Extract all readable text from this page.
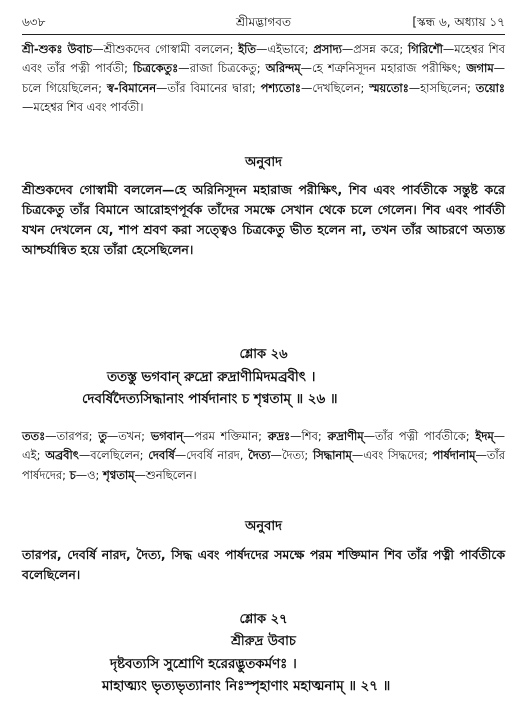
৬৩৮	শ্রীমদ্ভাগবত	[স্কন্ধ ৬, অধ্যায় ১৭
শ্রী-শুকঃ উবাচ—শ্রীশুকদেব গোস্বামী বললেন; ইতি—এইভাবে; প্রসাদ্য—প্রসন্ন করে; গিরিশৌ—মহেশ্বর শিব এবং তাঁর পত্নী পার্বতী; চিত্রকেতুঃ—রাজা চিত্রকেতু; অরিন্দম্—হে শত্রুনিসূদন মহারাজ পরীক্ষিৎ; জগাম—চলে গিয়েছিলেন; স্ব-বিমানেন—তাঁর বিমানের দ্বারা; পশ্যতোঃ—দেখছিলেন; স্ময়তোঃ—হাসছিলেন; তয়োঃ—মহেশ্বর শিব এবং পার্বতী।
অনুবাদ
শ্রীশুকদেব গোস্বামী বললেন—হে অরিনিসূদন মহারাজ পরীক্ষিৎ, শিব এবং পার্বতীকে সন্তুষ্ট করে চিত্রকেতু তাঁর বিমানে আরোহণপূর্বক তাঁদের সমক্ষে সেখান থেকে চলে গেলেন। শিব এবং পার্বতী যখন দেখলেন যে, শাপ শ্রবণ করা সত্ত্বেও চিত্রকেতু ভীত হলেন না, তখন তাঁর আচরণে অত্যন্ত আশ্চর্যান্বিত হয়ে তাঁরা হেসেছিলেন।
শ্লোক ২৬
ততস্তু ভগবান্ রুদ্রো রুদ্রাণীমিদমব্রবীৎ ।
দেবর্ষিদৈত্যসিদ্ধানাং পার্ষদানাং চ শৃণ্বতাম্ ॥ ২৬ ॥
ততঃ—তারপর; তু—তখন; ভগবান্—পরম শক্তিমান; রুদ্রঃ—শিব; রুদ্রাণীম্—তাঁর পত্নী পার্বতীকে; ইদম্—এই; অব্রবীৎ—বলেছিলেন; দেবর্ষি—দেবর্ষি নারদ, দৈত্য—দৈত্য; সিদ্ধানাম্—এবং সিদ্ধদের; পার্ষদানাম্—তাঁর পার্ষদদের; চ—ও; শৃণ্বতাম্—শুনছিলেন।
অনুবাদ
তারপর, দেবর্ষি নারদ, দৈত্য, সিদ্ধ এবং পার্ষদদের সমক্ষে পরম শক্তিমান শিব তাঁর পত্নী পার্বতীকে বলেছিলেন।
শ্লোক ২৭
শ্রীরুদ্র উবাচ
দৃষ্টবত্যসি সুশ্রোণি হরেরদ্ভুতকর্মণঃ ।
মাহাত্ম্যং ভৃত্যভৃত্যানাং নিঃস্পৃহাণাং মহাত্মনাম্ ॥ ২৭ ॥
